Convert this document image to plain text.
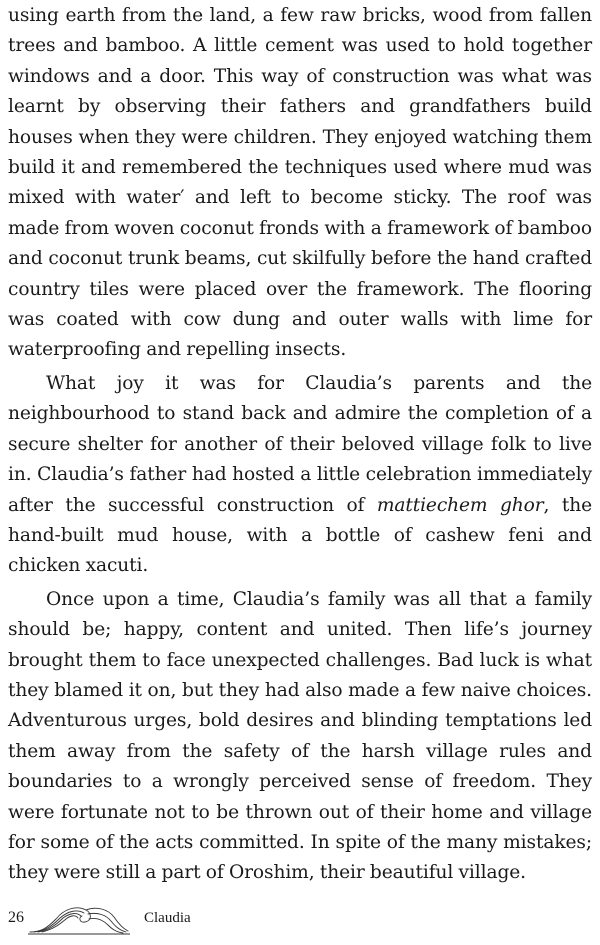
using earth from the land, a few raw bricks, wood from fallen trees and bamboo. A little cement was used to hold together windows and a door. This way of construction was what was learnt by observing their fathers and grandfathers build houses when they were children. They enjoyed watching them build it and remembered the techniques used where mud was mixed with water′ and left to become sticky. The roof was made from woven coconut fronds with a framework of bamboo and coconut trunk beams, cut skilfully before the hand crafted country tiles were placed over the framework. The flooring was coated with cow dung and outer walls with lime for waterproofing and repelling insects.

What joy it was for Claudia’s parents and the neighbourhood to stand back and admire the completion of a secure shelter for another of their beloved village folk to live in. Claudia’s father had hosted a little celebration immediately after the successful construction of mattiechem ghor, the hand-built mud house, with a bottle of cashew feni and chicken xacuti.

Once upon a time, Claudia’s family was all that a family should be; happy, content and united. Then life’s journey brought them to face unexpected challenges. Bad luck is what they blamed it on, but they had also made a few naive choices. Adventurous urges, bold desires and blinding temptations led them away from the safety of the harsh village rules and boundaries to a wrongly perceived sense of freedom. They were fortunate not to be thrown out of their home and village for some of the acts committed. In spite of the many mistakes; they were still a part of Oroshim, their beautiful village.

26	Claudia
